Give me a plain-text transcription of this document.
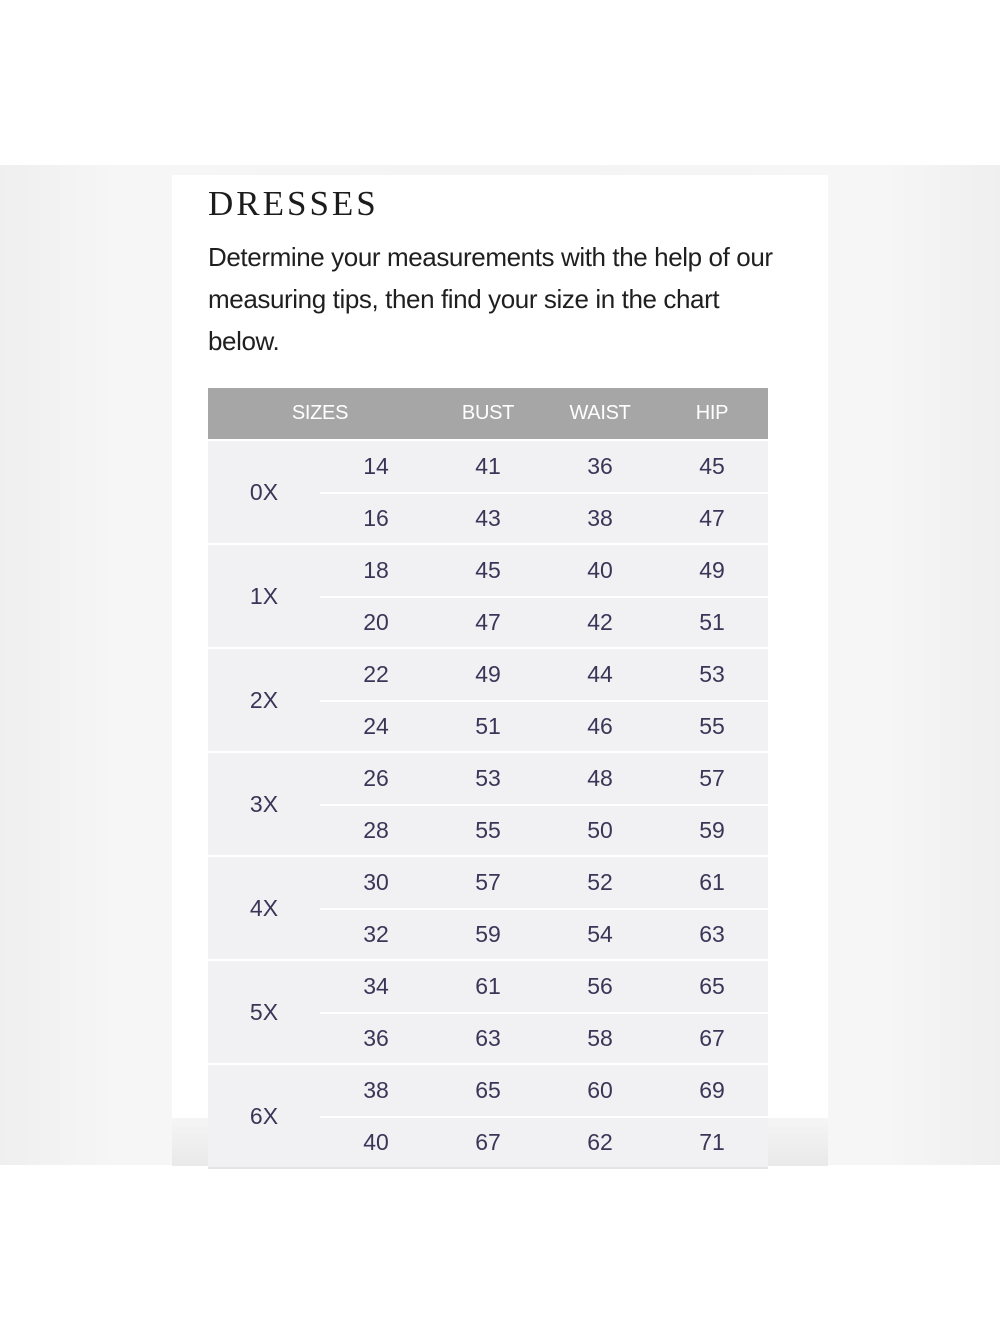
DRESSES

Determine your measurements with the help of our measuring tips, then find your size in the chart below.

SIZES	BUST	WAIST	HIP
0X
14	41	36	45
16	43	38	47
1X
18	45	40	49
20	47	42	51
2X
22	49	44	53
24	51	46	55
3X
26	53	48	57
28	55	50	59
4X
30	57	52	61
32	59	54	63
5X
34	61	56	65
36	63	58	67
6X
38	65	60	69
40	67	62	71
